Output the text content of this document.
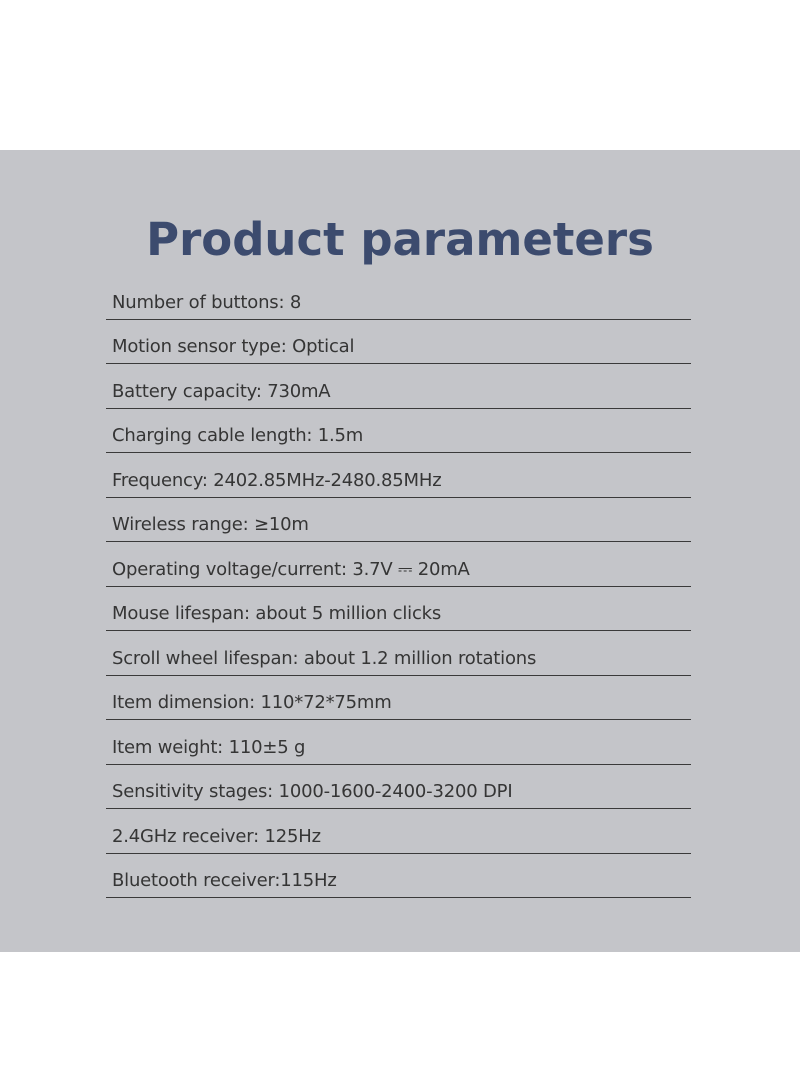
Product parameters
Number of buttons: 8
Motion sensor type: Optical
Battery capacity: 730mA
Charging cable length: 1.5m
Frequency: 2402.85MHz-2480.85MHz
Wireless range: ≥10m
Operating voltage/current: 3.7V ⎓ 20mA
Mouse lifespan: about 5 million clicks
Scroll wheel lifespan: about 1.2 million rotations
Item dimension: 110*72*75mm
Item weight: 110±5 g
Sensitivity stages: 1000-1600-2400-3200 DPI
2.4GHz receiver: 125Hz
Bluetooth receiver:115Hz
